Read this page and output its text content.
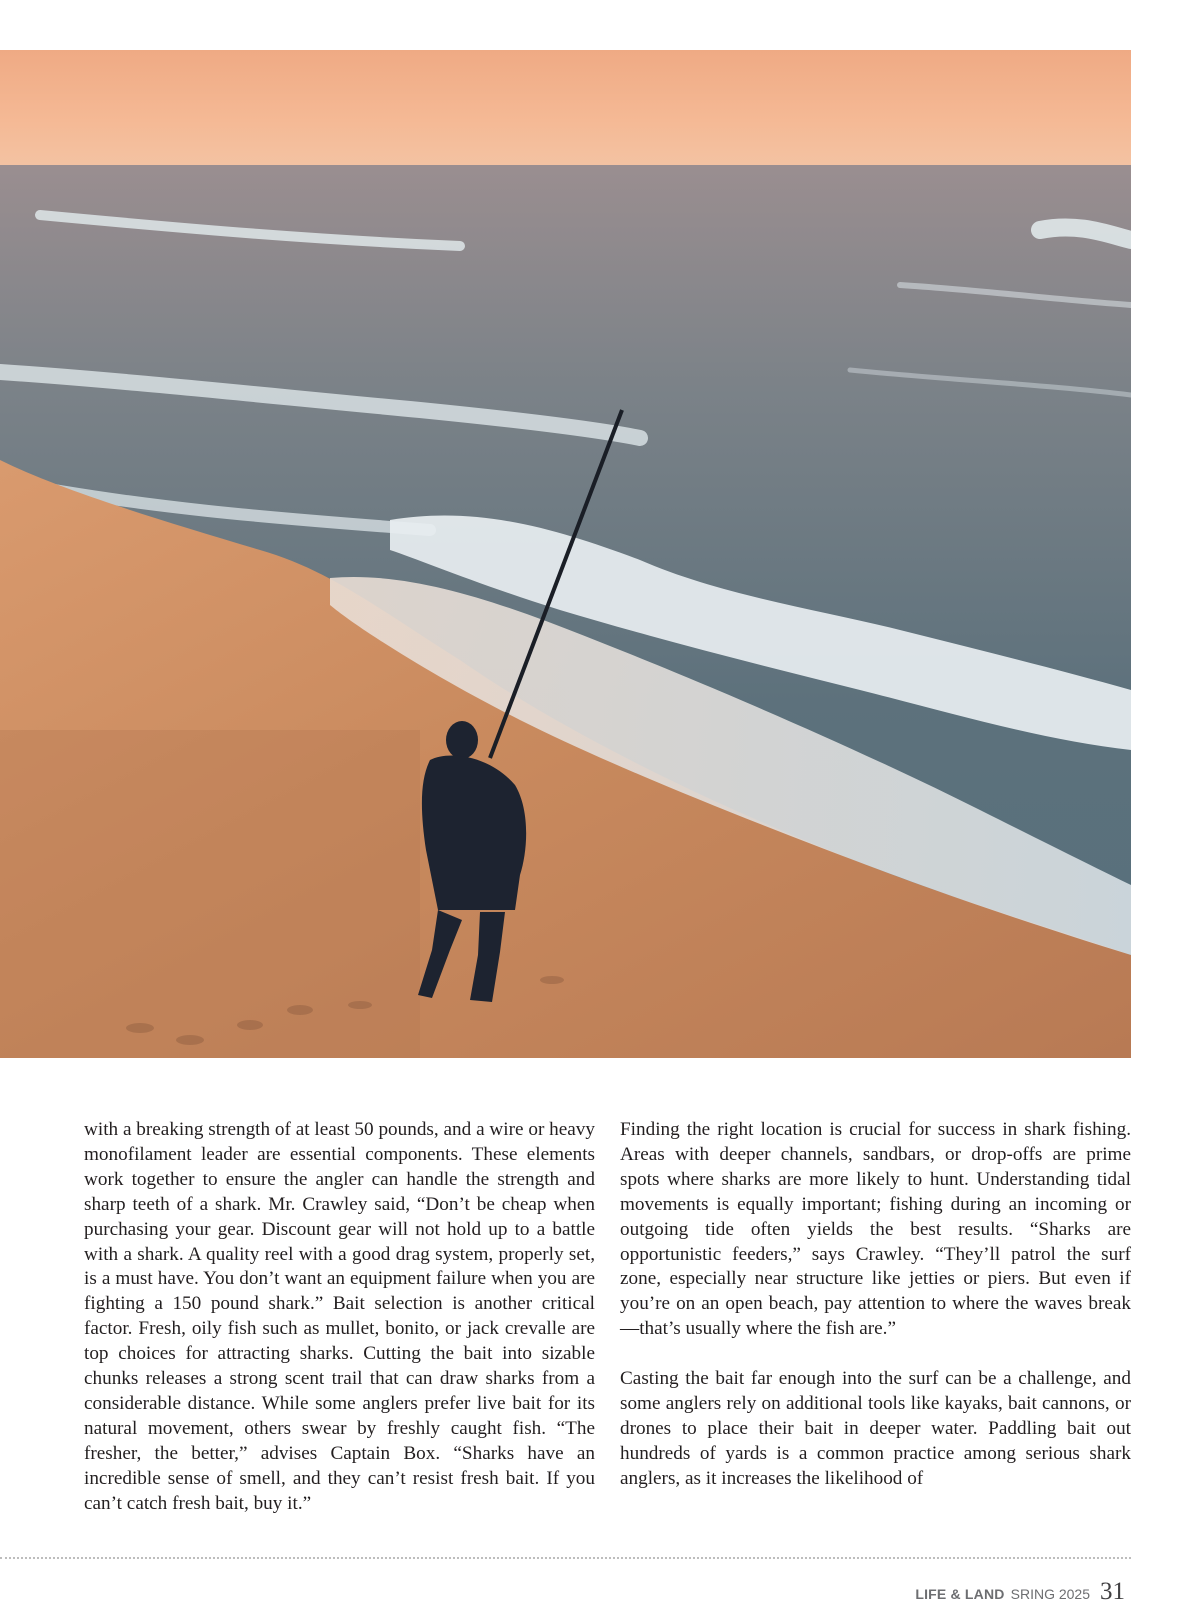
with a breaking strength of at least 50 pounds, and a wire or heavy monofilament leader are essential components. These elements work together to ensure the angler can handle the strength and sharp teeth of a shark. Mr. Crawley said, “Don’t be cheap when purchasing your gear. Discount gear will not hold up to a battle with a shark. A quality reel with a good drag system, properly set, is a must have. You don’t want an equipment failure when you are fighting a 150 pound shark.” Bait selection is another critical factor. Fresh, oily fish such as mullet, bonito, or jack crevalle are top choices for attracting sharks. Cutting the bait into sizable chunks releases a strong scent trail that can draw sharks from a considerable distance. While some anglers prefer live bait for its natural movement, others swear by freshly caught fish. “The fresher, the better,” advises Captain Box. “Sharks have an incredible sense of smell, and they can’t resist fresh bait. If you can’t catch fresh bait, buy it.”

Finding the right location is crucial for success in shark fishing. Areas with deeper channels, sandbars, or drop-offs are prime spots where sharks are more likely to hunt. Understanding tidal movements is equally important; fishing during an incoming or outgoing tide often yields the best results. “Sharks are opportunistic feeders,” says Crawley. “They’ll patrol the surf zone, especially near structure like jetties or piers. But even if you’re on an open beach, pay attention to where the waves break—that’s usually where the fish are.”

Casting the bait far enough into the surf can be a challenge, and some anglers rely on additional tools like kayaks, bait cannons, or drones to place their bait in deeper water. Paddling bait out hundreds of yards is a common practice among serious shark anglers, as it increases the likelihood of

LIFE & LAND SRING 2025 31
